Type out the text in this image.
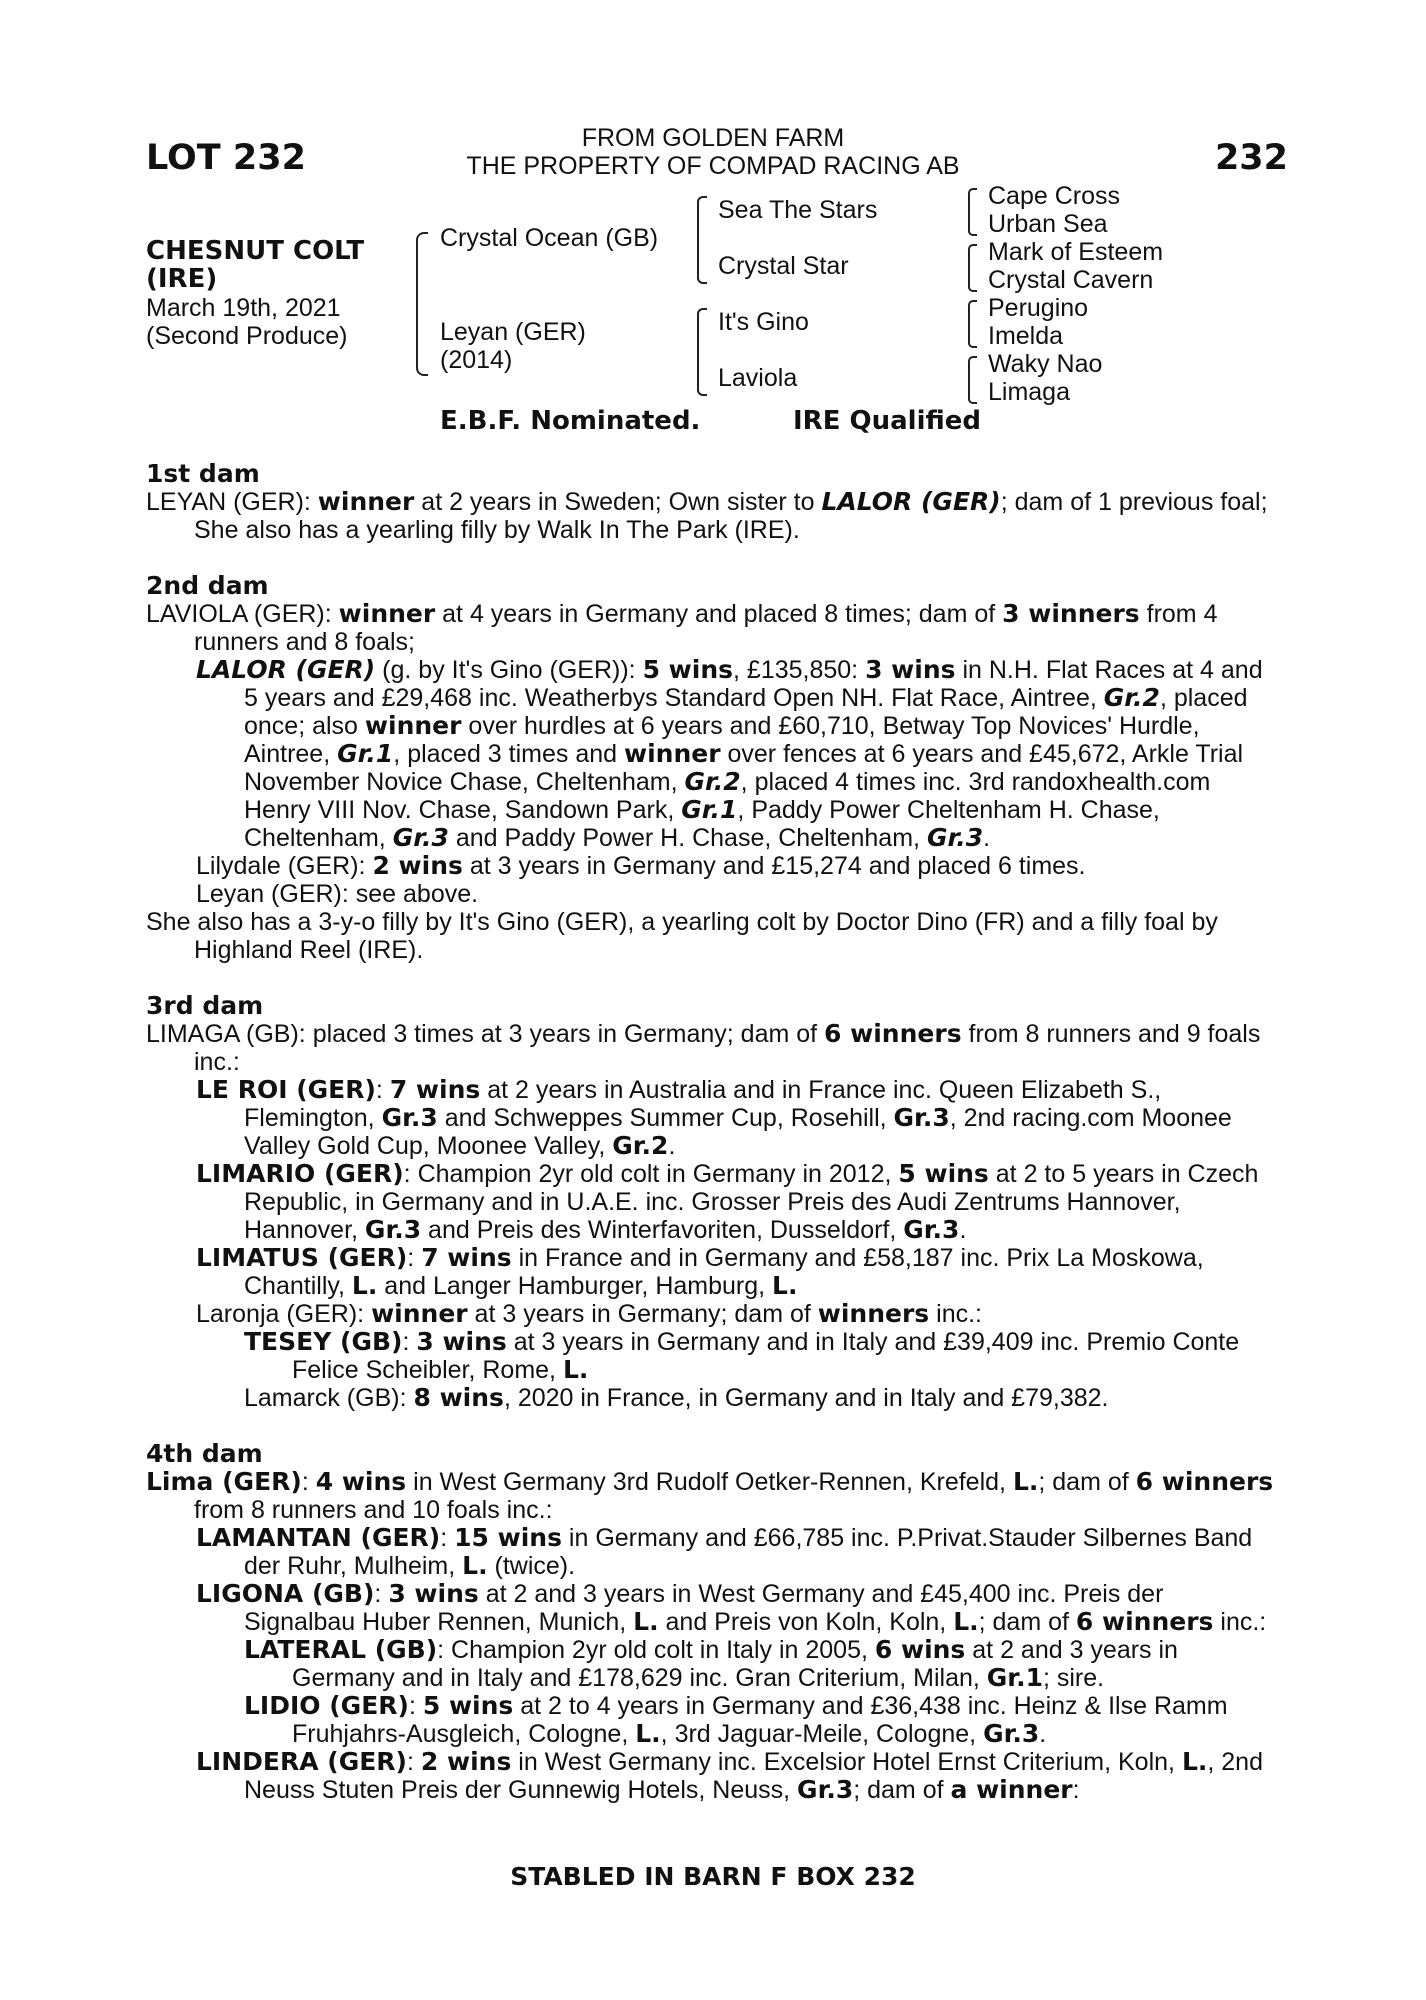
LOT 232	232
FROM GOLDEN FARM
THE PROPERTY OF COMPAD RACING AB
CHESNUT COLT
(IRE)
March 19th, 2021
(Second Produce)
Crystal Ocean (GB)
Leyan (GER)
(2014)
Sea The Stars
Crystal Star
It's Gino
Laviola
Cape Cross
Urban Sea
Mark of Esteem
Crystal Cavern
Perugino
Imelda
Waky Nao
Limaga
E.B.F. Nominated.	IRE Qualified
1st dam

LEYAN (GER): winner at 2 years in Sweden; Own sister to LALOR (GER); dam of 1 previous foal; She also has a yearling filly by Walk In The Park (IRE).

2nd dam

LAVIOLA (GER): winner at 4 years in Germany and placed 8 times; dam of 3 winners from 4 runners and 8 foals;

LALOR (GER) (g. by It's Gino (GER)): 5 wins, £135,850: 3 wins in N.H. Flat Races at 4 and 5 years and £29,468 inc. Weatherbys Standard Open NH. Flat Race, Aintree, Gr.2, placed once; also winner over hurdles at 6 years and £60,710, Betway Top Novices' Hurdle, Aintree, Gr.1, placed 3 times and winner over fences at 6 years and £45,672, Arkle Trial November Novice Chase, Cheltenham, Gr.2, placed 4 times inc. 3rd randoxhealth.com Henry VIII Nov. Chase, Sandown Park, Gr.1, Paddy Power Cheltenham H. Chase, Cheltenham, Gr.3 and Paddy Power H. Chase, Cheltenham, Gr.3.

Lilydale (GER): 2 wins at 3 years in Germany and £15,274 and placed 6 times.

Leyan (GER): see above.

She also has a 3-y-o filly by It's Gino (GER), a yearling colt by Doctor Dino (FR) and a filly foal by Highland Reel (IRE).

3rd dam

LIMAGA (GB): placed 3 times at 3 years in Germany; dam of 6 winners from 8 runners and 9 foals inc.:

LE ROI (GER): 7 wins at 2 years in Australia and in France inc. Queen Elizabeth S., Flemington, Gr.3 and Schweppes Summer Cup, Rosehill, Gr.3, 2nd racing.com Moonee Valley Gold Cup, Moonee Valley, Gr.2.

LIMARIO (GER): Champion 2yr old colt in Germany in 2012, 5 wins at 2 to 5 years in Czech Republic, in Germany and in U.A.E. inc. Grosser Preis des Audi Zentrums Hannover, Hannover, Gr.3 and Preis des Winterfavoriten, Dusseldorf, Gr.3.

LIMATUS (GER): 7 wins in France and in Germany and £58,187 inc. Prix La Moskowa, Chantilly, L. and Langer Hamburger, Hamburg, L.

Laronja (GER): winner at 3 years in Germany; dam of winners inc.:

TESEY (GB): 3 wins at 3 years in Germany and in Italy and £39,409 inc. Premio Conte Felice Scheibler, Rome, L.

Lamarck (GB): 8 wins, 2020 in France, in Germany and in Italy and £79,382.

4th dam

Lima (GER): 4 wins in West Germany 3rd Rudolf Oetker-Rennen, Krefeld, L.; dam of 6 winners from 8 runners and 10 foals inc.:

LAMANTAN (GER): 15 wins in Germany and £66,785 inc. P.Privat.Stauder Silbernes Band der Ruhr, Mulheim, L. (twice).

LIGONA (GB): 3 wins at 2 and 3 years in West Germany and £45,400 inc. Preis der Signalbau Huber Rennen, Munich, L. and Preis von Koln, Koln, L.; dam of 6 winners inc.:

LATERAL (GB): Champion 2yr old colt in Italy in 2005, 6 wins at 2 and 3 years in Germany and in Italy and £178,629 inc. Gran Criterium, Milan, Gr.1; sire.

LIDIO (GER): 5 wins at 2 to 4 years in Germany and £36,438 inc. Heinz & Ilse Ramm Fruhjahrs-Ausgleich, Cologne, L., 3rd Jaguar-Meile, Cologne, Gr.3.

LINDERA (GER): 2 wins in West Germany inc. Excelsior Hotel Ernst Criterium, Koln, L., 2nd Neuss Stuten Preis der Gunnewig Hotels, Neuss, Gr.3; dam of a winner:

STABLED IN BARN F BOX 232
